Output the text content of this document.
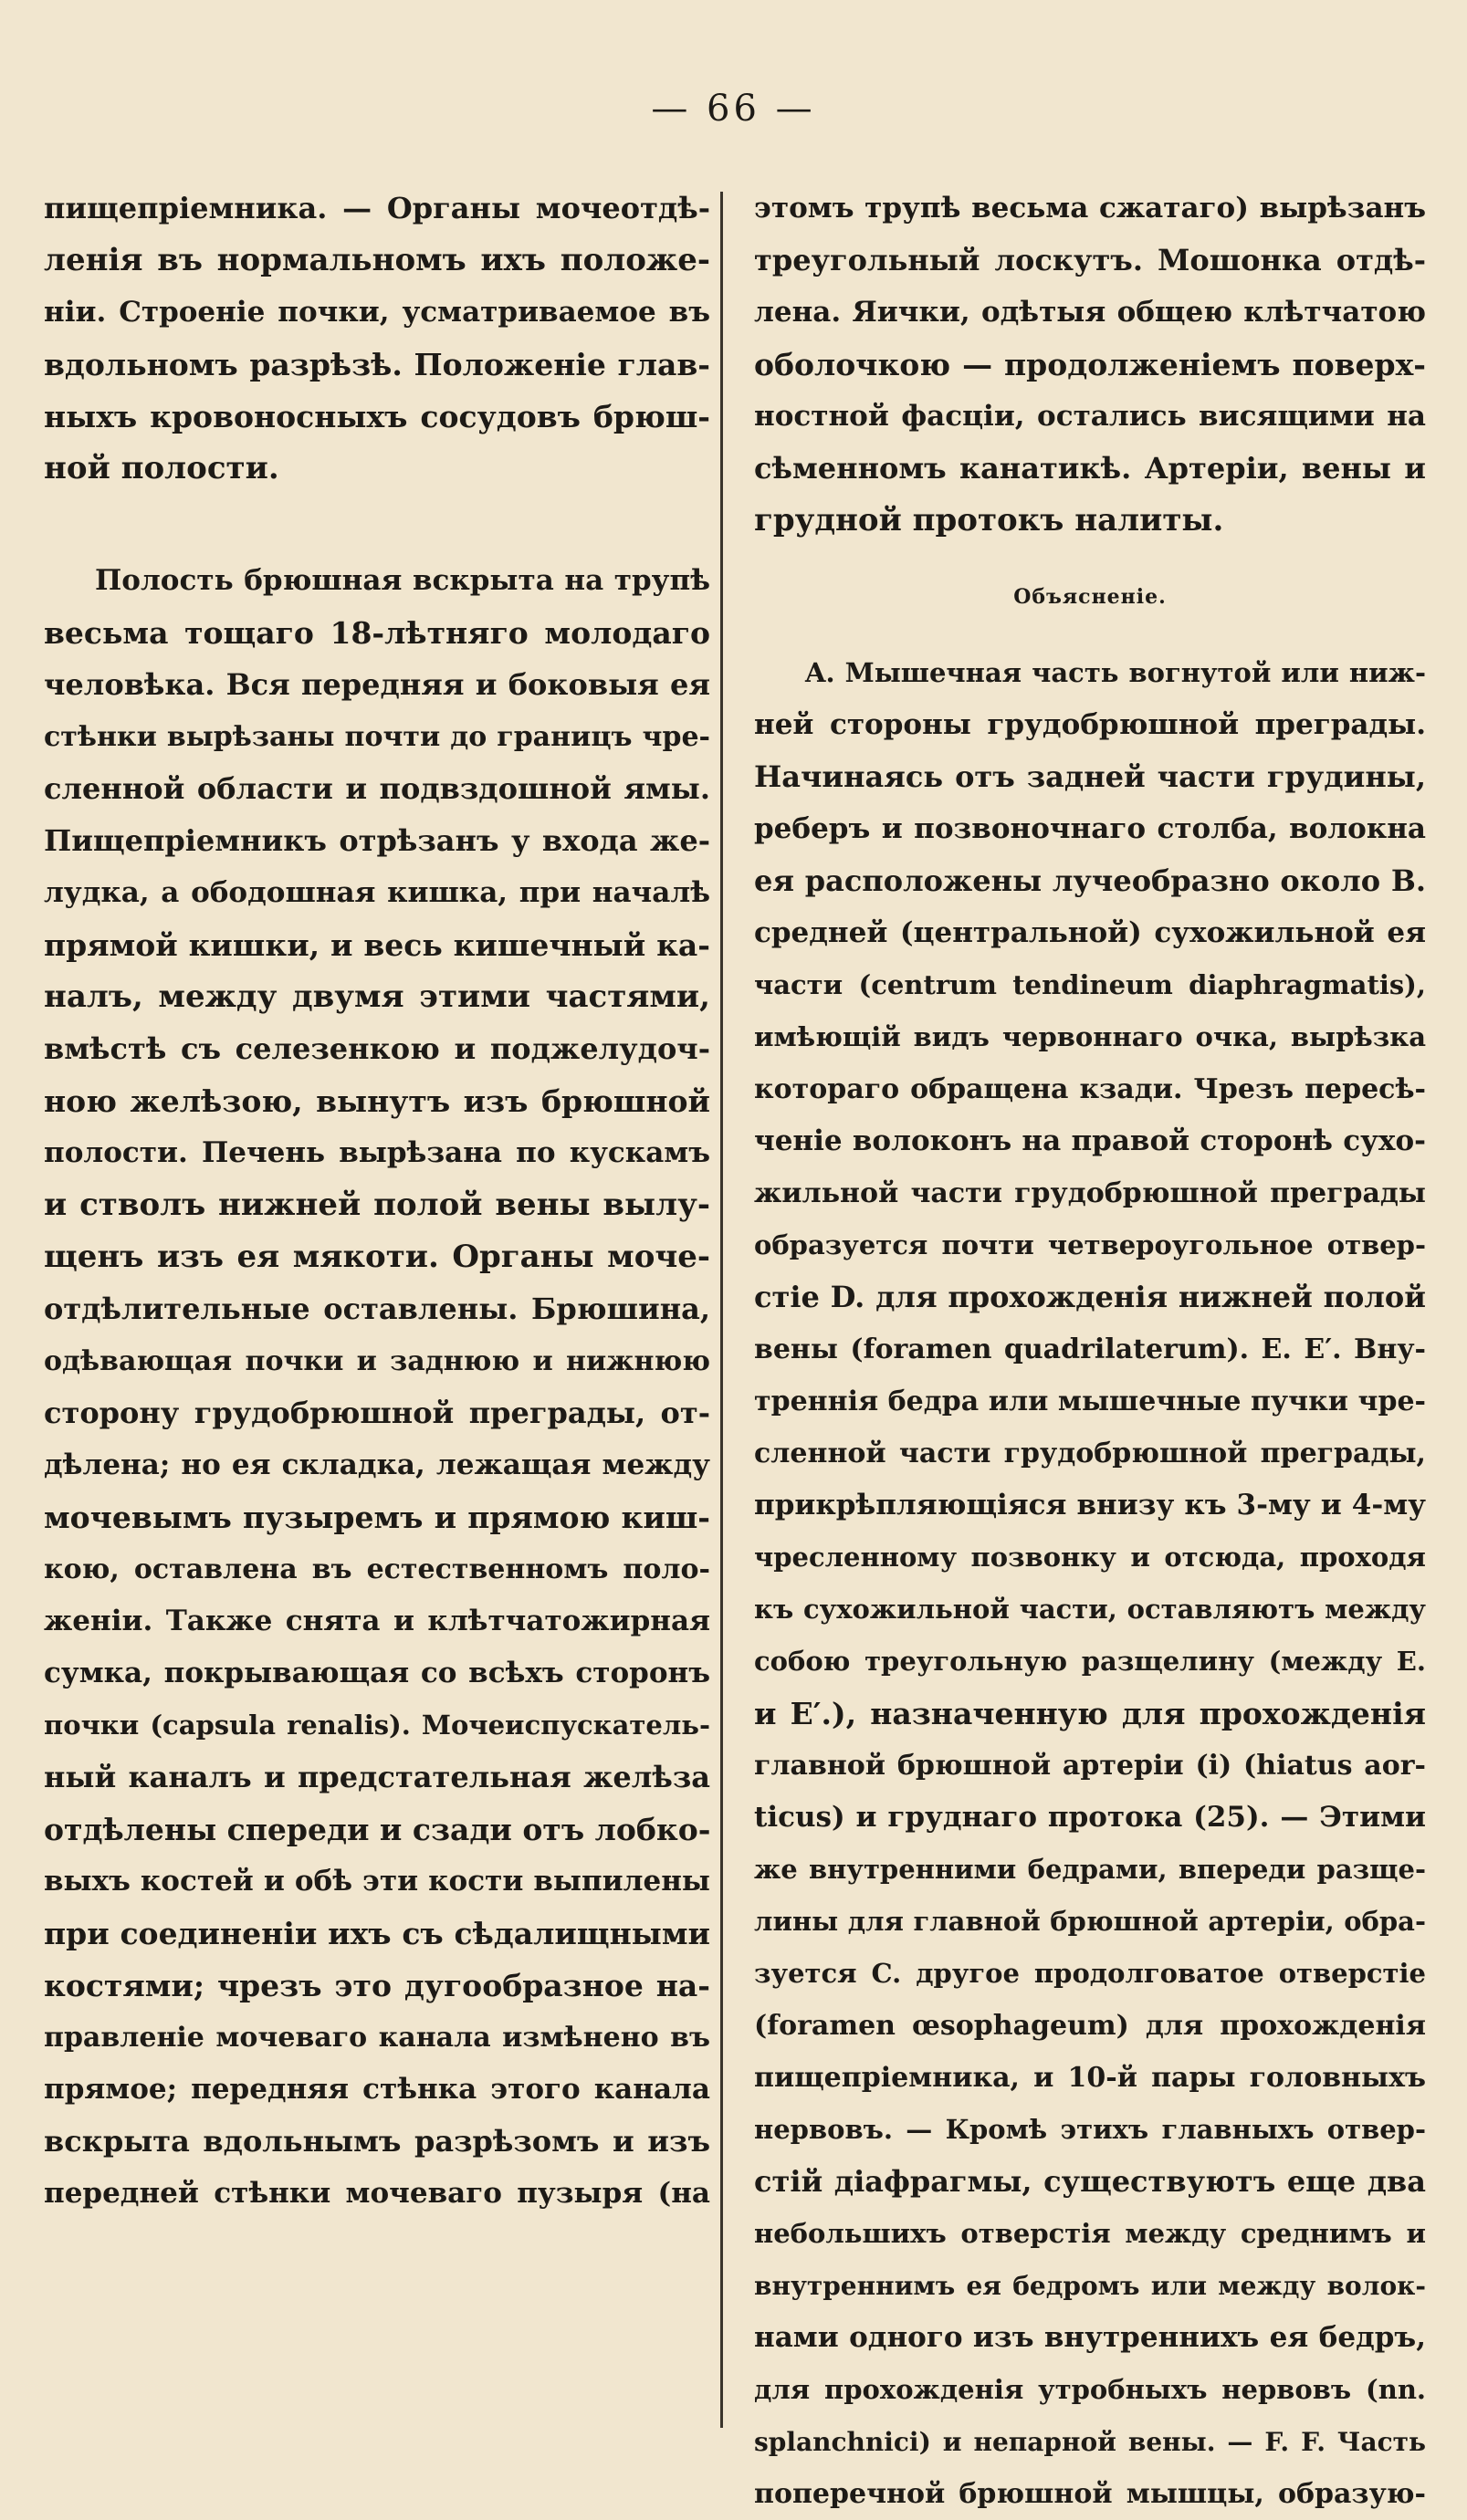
— 66 —
пищепріемника. — Органы мочеотдѣ-
ленія въ нормальномъ ихъ положе-
ніи. Строеніе почки, усматриваемое въ
вдольномъ разрѣзѣ. Положеніе глав-
ныхъ кровоносныхъ сосудовъ брюш-
ной полости.
Полость брюшная вскрыта на трупѣ
весьма тощаго 18-лѣтняго молодаго
человѣка. Вся передняя и боковыя ея
стѣнки вырѣзаны почти до границъ чре-
сленной области и подвздошной ямы.
Пищепріемникъ отрѣзанъ у входа же-
лудка, а ободошная кишка, при началѣ
прямой кишки, и весь кишечный ка-
налъ, между двумя этими частями,
вмѣстѣ съ селезенкою и поджелудоч-
ною желѣзою, вынутъ изъ брюшной
полости. Печень вырѣзана по кускамъ
и стволъ нижней полой вены вылу-
щенъ изъ ея мякоти. Органы моче-
отдѣлительные оставлены. Брюшина,
одѣвающая почки и заднюю и нижнюю
сторону грудобрюшной преграды, от-
дѣлена; но ея складка, лежащая между
мочевымъ пузыремъ и прямою киш-
кою, оставлена въ естественномъ поло-
женіи. Также снята и клѣтчатожирная
сумка, покрывающая со всѣхъ сторонъ
почки (capsula renalis). Мочеиспускатель-
ный каналъ и предстательная желѣза
отдѣлены спереди и сзади отъ лобко-
выхъ костей и обѣ эти кости выпилены
при соединеніи ихъ съ сѣдалищными
костями; чрезъ это дугообразное на-
правленіе мочеваго канала измѣнено въ
прямое; передняя стѣнка этого канала
вскрыта вдольнымъ разрѣзомъ и изъ
передней стѣнки мочеваго пузыря (на
этомъ трупѣ весьма сжатаго) вырѣзанъ
треугольный лоскутъ. Мошонка отдѣ-
лена. Яички, одѣтыя общею клѣтчатою
оболочкою — продолженіемъ поверх-
ностной фасціи, остались висящими на
сѣменномъ канатикѣ. Артеріи, вены и
грудной протокъ налиты.
Объясненіе.
A. Мышечная часть вогнутой или ниж-
ней стороны грудобрюшной преграды.
Начинаясь отъ задней части грудины,
реберъ и позвоночнаго столба, волокна
ея расположены лучеобразно около B.
средней (центральной) сухожильной ея
части (centrum tendineum diaphragmatis),
имѣющій видъ червоннаго очка, вырѣзка
котораго обращена кзади. Чрезъ пересѣ-
ченіе волоконъ на правой сторонѣ сухо-
жильной части грудобрюшной преграды
образуется почти четвероугольное отвер-
стіе D. для прохожденія нижней полой
вены (foramen quadrilaterum). E. E′. Вну-
треннія бедра или мышечные пучки чре-
сленной части грудобрюшной преграды,
прикрѣпляющіяся внизу къ 3-му и 4-му
чресленному позвонку и отсюда, проходя
къ сухожильной части, оставляютъ между
собою треугольную разщелину (между E.
и E′.), назначенную для прохожденія
главной брюшной артеріи (i) (hiatus aor-
ticus) и груднаго протока (25). — Этими
же внутренними бедрами, впереди разще-
лины для главной брюшной артеріи, обра-
зуется C. другое продолговатое отверстіе
(foramen œsophageum) для прохожденія
пищепріемника, и 10-й пары головныхъ
нервовъ. — Кромѣ этихъ главныхъ отвер-
стій діафрагмы, существуютъ еще два
небольшихъ отверстія между среднимъ и
внутреннимъ ея бедромъ или между волок-
нами одного изъ внутреннихъ ея бедръ,
для прохожденія утробныхъ нервовъ (nn.
splanchnici) и непарной вены. — F. F. Часть
поперечной брюшной мышцы, образую-
